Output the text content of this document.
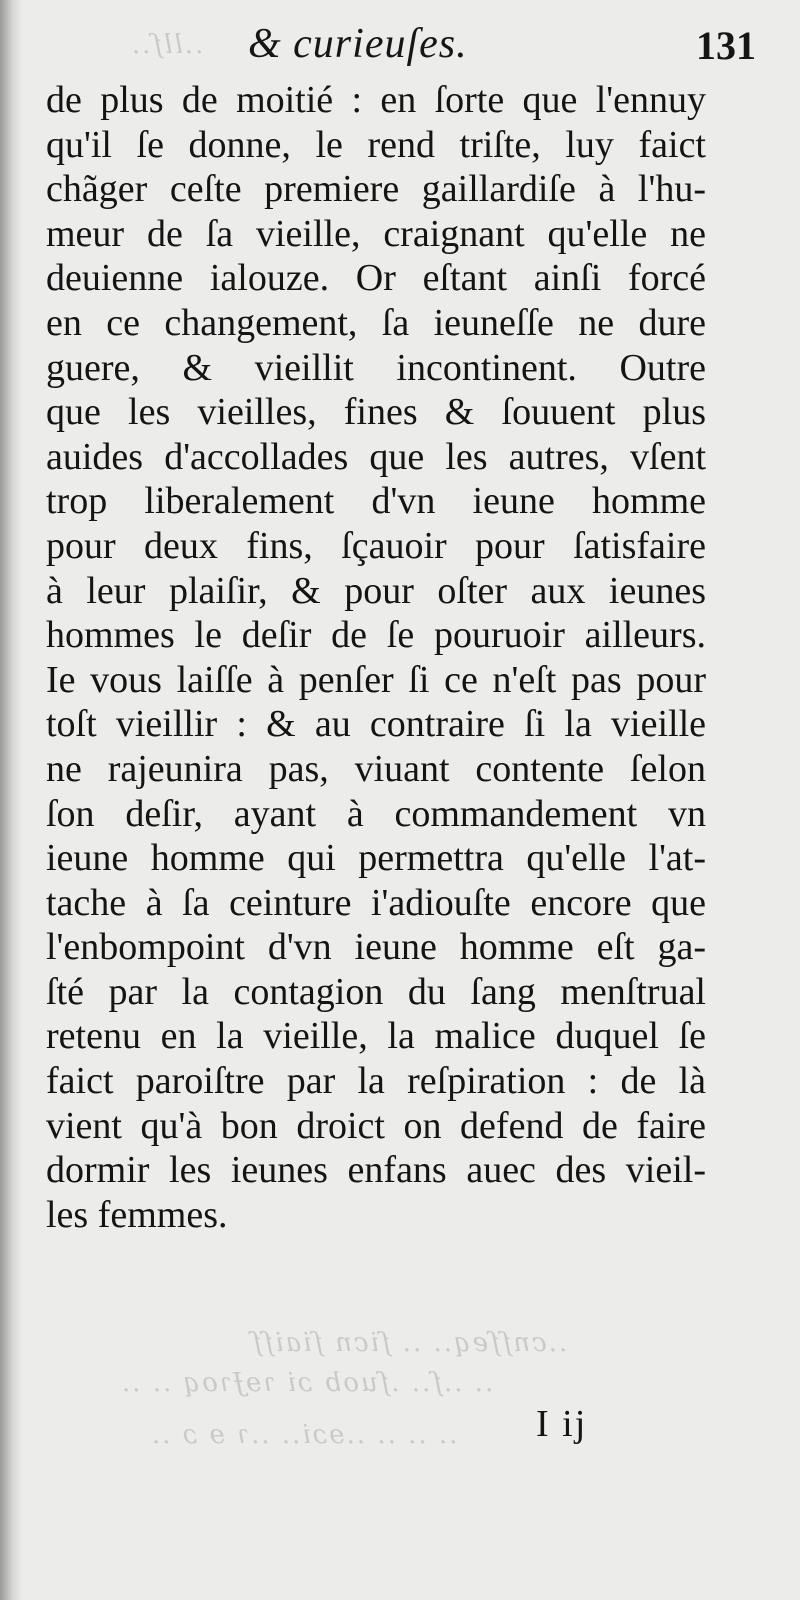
..llſ..
..cnſſeq.. .. ſicn ſiaiſſ
.. ..ſ.. .ſuob ɔi ɿɘɈɿoq .. ..
.. .. .. ..ɘɔi.. ..ɿ ɘ ɔ ..
& curieuſes.	131
de plus de moitié : en ſorte que l'ennuy
qu'il ſe donne, le rend triſte, luy faict
chãger ceſte premiere gaillardiſe à l'hu-
meur de ſa vieille, craignant qu'elle ne
deuienne ialouze. Or eſtant ainſi forcé
en ce changement, ſa ieuneſſe ne dure
guere, & vieillit incontinent. Outre
que les vieilles, fines & ſouuent plus
auides d'accollades que les autres, vſent
trop liberalement d'vn ieune homme
pour deux fins, ſçauoir pour ſatisfaire
à leur plaiſir, & pour oſter aux ieunes
hommes le deſir de ſe pouruoir ailleurs.
Ie vous laiſſe à penſer ſi ce n'eſt pas pour
toſt vieillir : & au contraire ſi la vieille
ne rajeunira pas, viuant contente ſelon
ſon deſir, ayant à commandement vn
ieune homme qui permettra qu'elle l'at-
tache à ſa ceinture i'adiouſte encore que
l'enbompoint d'vn ieune homme eſt ga-
ſté par la contagion du ſang menſtrual
retenu en la vieille, la malice duquel ſe
faict paroiſtre par la reſpiration : de là
vient qu'à bon droict on defend de faire
dormir les ieunes enfans auec des vieil-
les femmes.
I ij
